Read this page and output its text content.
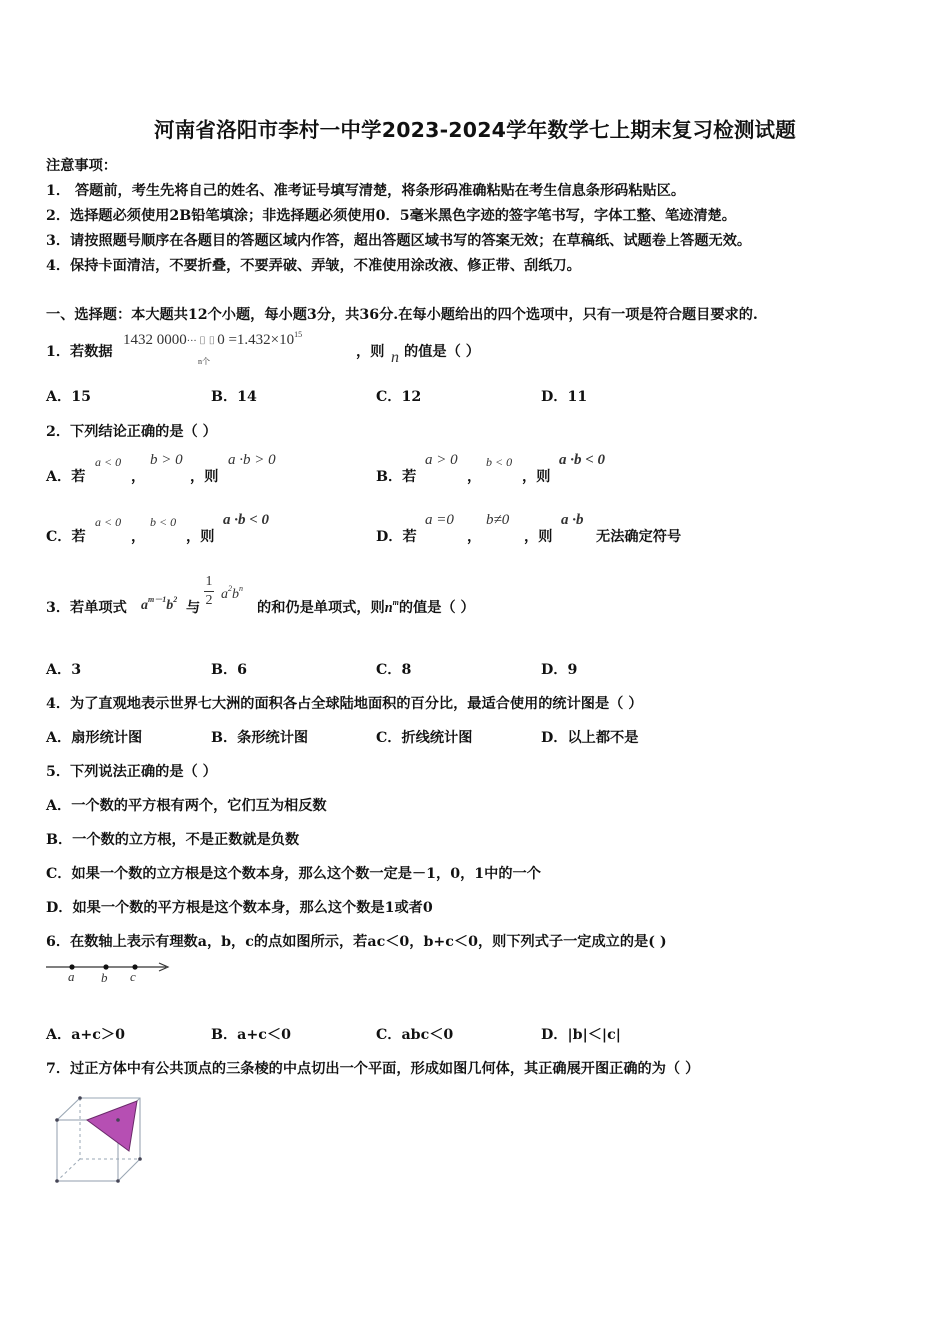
河南省洛阳市李村一中学2023-2024学年数学七上期末复习检测试题
注意事项：
1． 答题前，考生先将自己的姓名、准考证号填写清楚，将条形码准确粘贴在考生信息条形码粘贴区。
2．选择题必须使用2B铅笔填涂；非选择题必须使用0．5毫米黑色字迹的签字笔书写，字体工整、笔迹清楚。
3．请按照题号顺序在各题目的答题区域内作答，超出答题区域书写的答案无效；在草稿纸、试题卷上答题无效。
4．保持卡面清洁，不要折叠，不要弄破、弄皱，不准使用涂改液、修正带、刮纸刀。
一、选择题：本大题共12个小题，每小题3分，共36分.在每小题给出的四个选项中，只有一项是符合题目要求的.
1．若数据
1432 0000··· ⌷ ⌷ $0 =1.432\times 10^{15}$
n个
，则 n 的值是（ ）
A．15	B．14	C．12	D．11
2．下列结论正确的是（ ）
A．若
a < 0
，
b > 0
，则
a ·b > 0
B．若
a > 0
，
b < 0
，则
a ·b < 0
C．若
a < 0
，
b < 0
，则
a ·b < 0
D．若
a =0
，
b≠0
，则
a ·b
无法确定符号
3．若单项式 $a^{m-1}b^2$
与 $\frac{1}{2} a^2b^n$
的和仍是单项式，则$n^m$的值是（ ）
A．3	B．6	C．8	D．9
4．为了直观地表示世界七大洲的面积各占全球陆地面积的百分比，最适合使用的统计图是（ ）
A．扇形统计图	B．条形统计图	C．折线统计图	D．以上都不是
5．下列说法正确的是（ ）
A．一个数的平方根有两个，它们互为相反数
B．一个数的立方根，不是正数就是负数
C．如果一个数的立方根是这个数本身，那么这个数一定是－1，0，1中的一个
D．如果一个数的平方根是这个数本身，那么这个数是1或者0
6．在数轴上表示有理数a，b，c的点如图所示，若ac＜0，b+c＜0，则下列式子一定成立的是( )
a b c
A．a+c＞0	B．a+c＜0	C．abc＜0	D．|b|＜|c|
7．过正方体中有公共顶点的三条棱的中点切出一个平面，形成如图几何体，其正确展开图正确的为（ ）
